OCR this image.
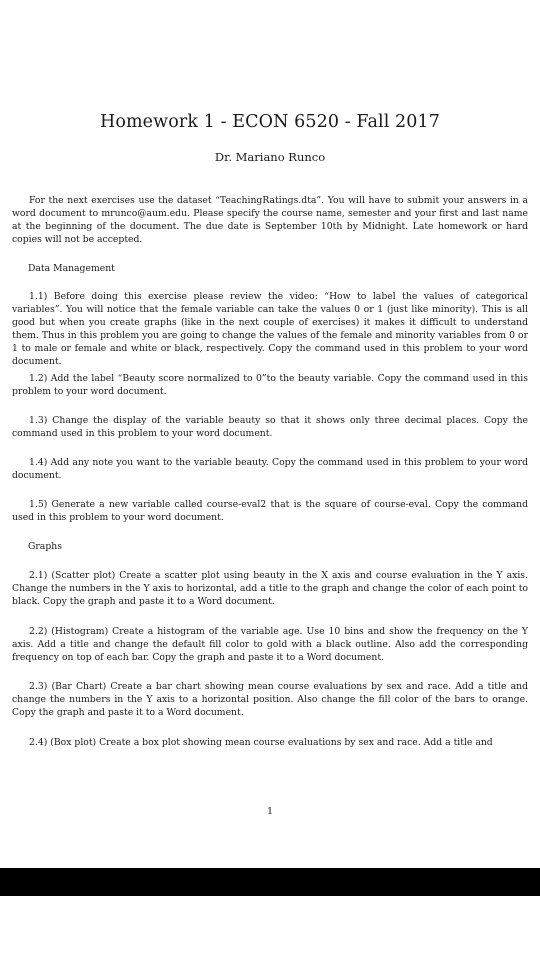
Homework 1 - ECON 6520 - Fall 2017

Dr. Mariano Runco

For the next exercises use the dataset “TeachingRatings.dta”. You will have to submit your answers in a word document to mrunco@aum.edu. Please specify the course name, semester and your first and last name at the beginning of the document. The due date is September 10th by Midnight. Late homework or hard copies will not be accepted.

Data Management

1.1) Before doing this exercise please review the video: “How to label the values of categorical variables”. You will notice that the female variable can take the values 0 or 1 (just like minority). This is all good but when you create graphs (like in the next couple of exercises) it makes it difficult to understand them. Thus in this problem you are going to change the values of the female and minority variables from 0 or 1 to male or female and white or black, respectively. Copy the command used in this problem to your word document.

1.2) Add the label “Beauty score normalized to 0”to the beauty variable. Copy the command used in this problem to your word document.

1.3) Change the display of the variable beauty so that it shows only three decimal places. Copy the command used in this problem to your word document.

1.4) Add any note you want to the variable beauty. Copy the command used in this problem to your word document.

1.5) Generate a new variable called course-eval2 that is the square of course-eval. Copy the command used in this problem to your word document.

Graphs

2.1) (Scatter plot) Create a scatter plot using beauty in the X axis and course evaluation in the Y axis. Change the numbers in the Y axis to horizontal, add a title to the graph and change the color of each point to black. Copy the graph and paste it to a Word document.

2.2) (Histogram) Create a histogram of the variable age. Use 10 bins and show the frequency on the Y axis. Add a title and change the default fill color to gold with a black outline. Also add the corresponding frequency on top of each bar. Copy the graph and paste it to a Word document.

2.3) (Bar Chart) Create a bar chart showing mean course evaluations by sex and race. Add a title and change the numbers in the Y axis to a horizontal position. Also change the fill color of the bars to orange. Copy the graph and paste it to a Word document.

2.4) (Box plot) Create a box plot showing mean course evaluations by sex and race. Add a title and

1
